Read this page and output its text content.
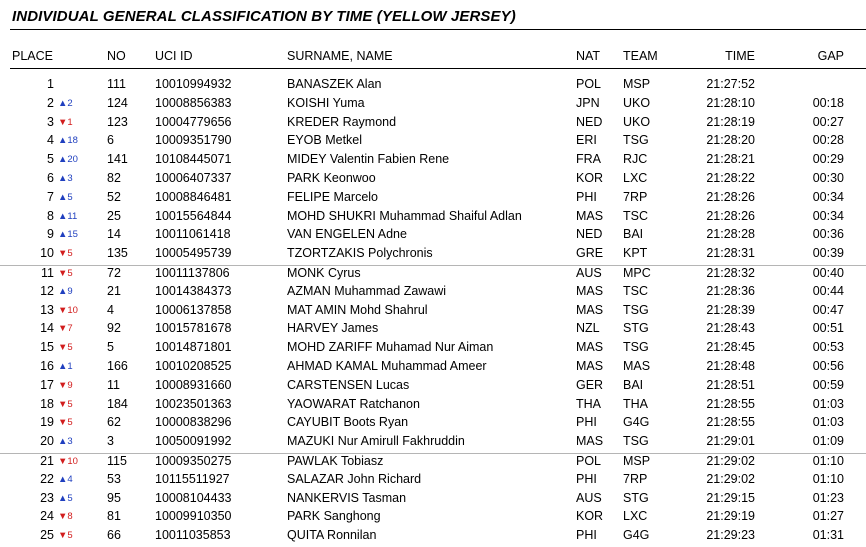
INDIVIDUAL GENERAL CLASSIFICATION BY TIME (YELLOW JERSEY)
PLACE	NO UCI ID	SURNAME, NAME	NAT TEAM	TIME	GAP
1	111 10010994932	BANASZEK Alan	POL MSP	21:27:52
2 ▲2	124 10008856383	KOISHI Yuma	JPN UKO	21:28:10	00:18
3 ▼1	123 10004779656	KREDER Raymond	NED UKO	21:28:19	00:27
4 ▲18	6	10009351790	EYOB Metkel	ERI TSG	21:28:20	00:28
5 ▲20	141 10108445071	MIDEY Valentin Fabien Rene	FRA RJC	21:28:21	00:29
6 ▲3	82	10006407337	PARK Keonwoo	KOR LXC	21:28:22	00:30
7 ▲5	52	10008846481	FELIPE Marcelo	PHI 7RP	21:28:26	00:34
8 ▲11	25	10015564844	MOHD SHUKRI Muhammad Shaiful Adlan	MAS TSC	21:28:26	00:34
9 ▲15	14	10011061418	VAN ENGELEN Adne	NED BAI	21:28:28	00:36
10 ▼5	135 10005495739	TZORTZAKIS Polychronis	GRE KPT	21:28:31	00:39
11 ▼5	72	10011137806	MONK Cyrus	AUS MPC	21:28:32	00:40
12 ▲9	21	10014384373	AZMAN Muhammad Zawawi	MAS TSC	21:28:36	00:44
13 ▼10	4	10006137858	MAT AMIN Mohd Shahrul	MAS TSG	21:28:39	00:47
14 ▼7	92	10015781678	HARVEY James	NZL STG	21:28:43	00:51
15 ▼5	5	10014871801	MOHD ZARIFF Muhamad Nur Aiman	MAS TSG	21:28:45	00:53
16 ▲1	166 10010208525	AHMAD KAMAL Muhammad Ameer	MAS MAS	21:28:48	00:56
17 ▼9	11	10008931660	CARSTENSEN Lucas	GER BAI	21:28:51	00:59
18 ▼5	184 10023501363	YAOWARAT Ratchanon	THA THA	21:28:55	01:03
19 ▼5	62	10000838296	CAYUBIT Boots Ryan	PHI G4G	21:28:55	01:03
20 ▲3	3	10050091992	MAZUKI Nur Amirull Fakhruddin	MAS TSG	21:29:01	01:09
21 ▼10	115 10009350275	PAWLAK Tobiasz	POL MSP	21:29:02	01:10
22 ▲4	53	10115511927	SALAZAR John Richard	PHI 7RP	21:29:02	01:10
23 ▲5	95	10008104433	NANKERVIS Tasman	AUS STG	21:29:15	01:23
24 ▼8	81	10009910350	PARK Sanghong	KOR LXC	21:29:19	01:27
25 ▼5	66	10011035853	QUITA Ronnilan	PHI G4G	21:29:23	01:31
